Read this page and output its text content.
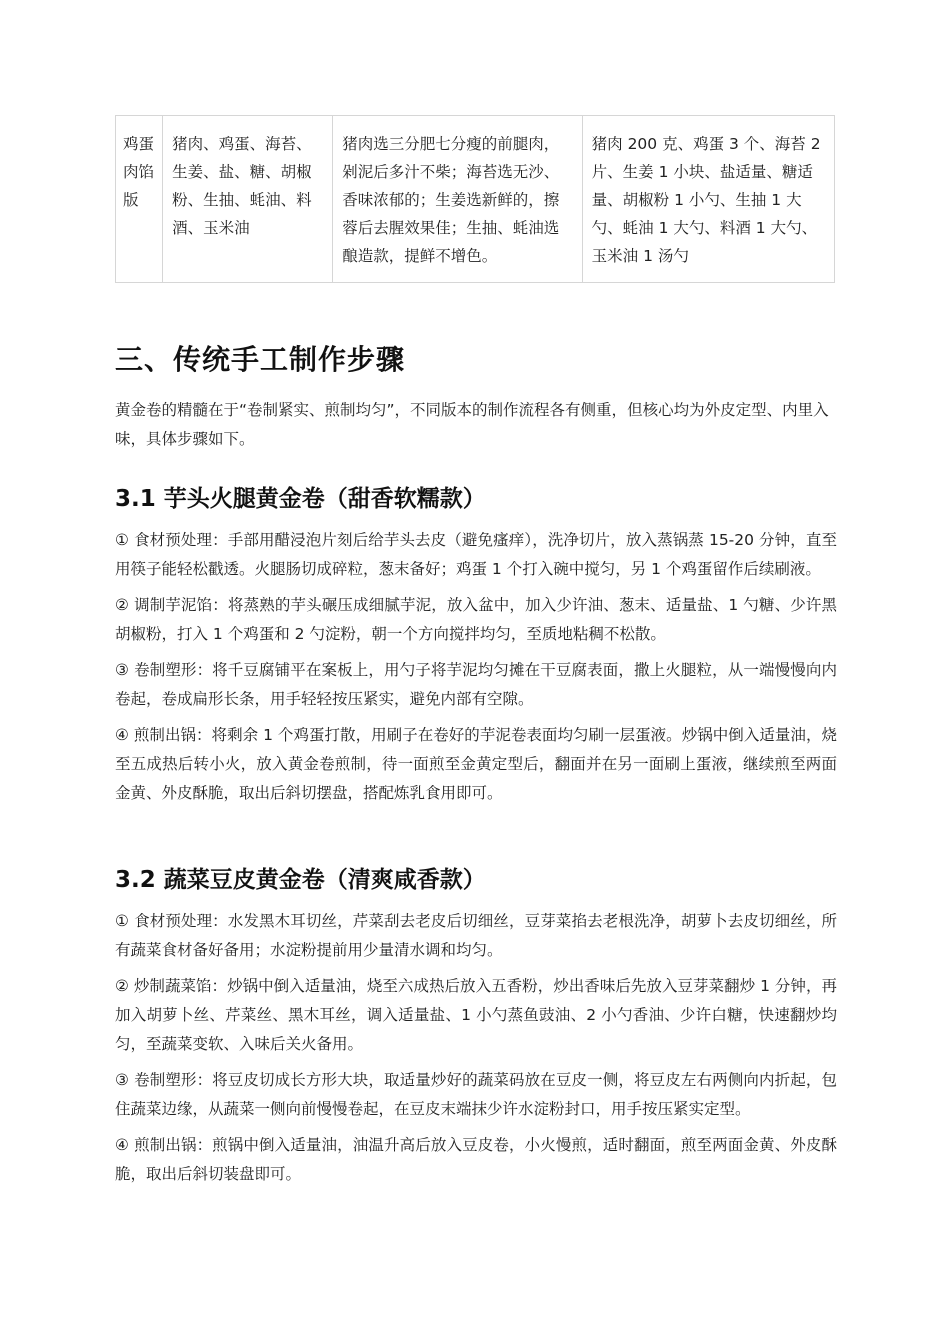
鸡蛋肉馅版	猪肉、鸡蛋、海苔、生姜、盐、糖、胡椒粉、生抽、蚝油、料酒、玉米油	猪肉选三分肥七分瘦的前腿肉，剁泥后多汁不柴；海苔选无沙、香味浓郁的；生姜选新鲜的，擦蓉后去腥效果佳；生抽、蚝油选酿造款，提鲜不增色。	猪肉 200 克、鸡蛋 3 个、海苔 2 片、生姜 1 小块、盐适量、糖适量、胡椒粉 1 小勺、生抽 1 大勺、蚝油 1 大勺、料酒 1 大勺、玉米油 1 汤勺
三、传统手工制作步骤

黄金卷的精髓在于“卷制紧实、煎制均匀”，不同版本的制作流程各有侧重，但核心均为外皮定型、内里入味，具体步骤如下。

3.1 芋头火腿黄金卷（甜香软糯款）

① 食材预处理：手部用醋浸泡片刻后给芋头去皮（避免瘙痒），洗净切片，放入蒸锅蒸 15-20 分钟，直至用筷子能轻松戳透。火腿肠切成碎粒，葱末备好；鸡蛋 1 个打入碗中搅匀，另 1 个鸡蛋留作后续刷液。

② 调制芋泥馅：将蒸熟的芋头碾压成细腻芋泥，放入盆中，加入少许油、葱末、适量盐、1 勺糖、少许黑胡椒粉，打入 1 个鸡蛋和 2 勺淀粉，朝一个方向搅拌均匀，至质地粘稠不松散。

③ 卷制塑形：将千豆腐铺平在案板上，用勺子将芋泥均匀摊在干豆腐表面，撒上火腿粒，从一端慢慢向内卷起，卷成扁形长条，用手轻轻按压紧实，避免内部有空隙。

④ 煎制出锅：将剩余 1 个鸡蛋打散，用刷子在卷好的芋泥卷表面均匀刷一层蛋液。炒锅中倒入适量油，烧至五成热后转小火，放入黄金卷煎制，待一面煎至金黄定型后，翻面并在另一面刷上蛋液，继续煎至两面金黄、外皮酥脆，取出后斜切摆盘，搭配炼乳食用即可。

3.2 蔬菜豆皮黄金卷（清爽咸香款）

① 食材预处理：水发黑木耳切丝，芹菜刮去老皮后切细丝，豆芽菜掐去老根洗净，胡萝卜去皮切细丝，所有蔬菜食材备好备用；水淀粉提前用少量清水调和均匀。

② 炒制蔬菜馅：炒锅中倒入适量油，烧至六成热后放入五香粉，炒出香味后先放入豆芽菜翻炒 1 分钟，再加入胡萝卜丝、芹菜丝、黑木耳丝，调入适量盐、1 小勺蒸鱼豉油、2 小勺香油、少许白糖，快速翻炒均匀，至蔬菜变软、入味后关火备用。

③ 卷制塑形：将豆皮切成长方形大块，取适量炒好的蔬菜码放在豆皮一侧，将豆皮左右两侧向内折起，包住蔬菜边缘，从蔬菜一侧向前慢慢卷起，在豆皮末端抹少许水淀粉封口，用手按压紧实定型。

④ 煎制出锅：煎锅中倒入适量油，油温升高后放入豆皮卷，小火慢煎，适时翻面，煎至两面金黄、外皮酥脆，取出后斜切装盘即可。
